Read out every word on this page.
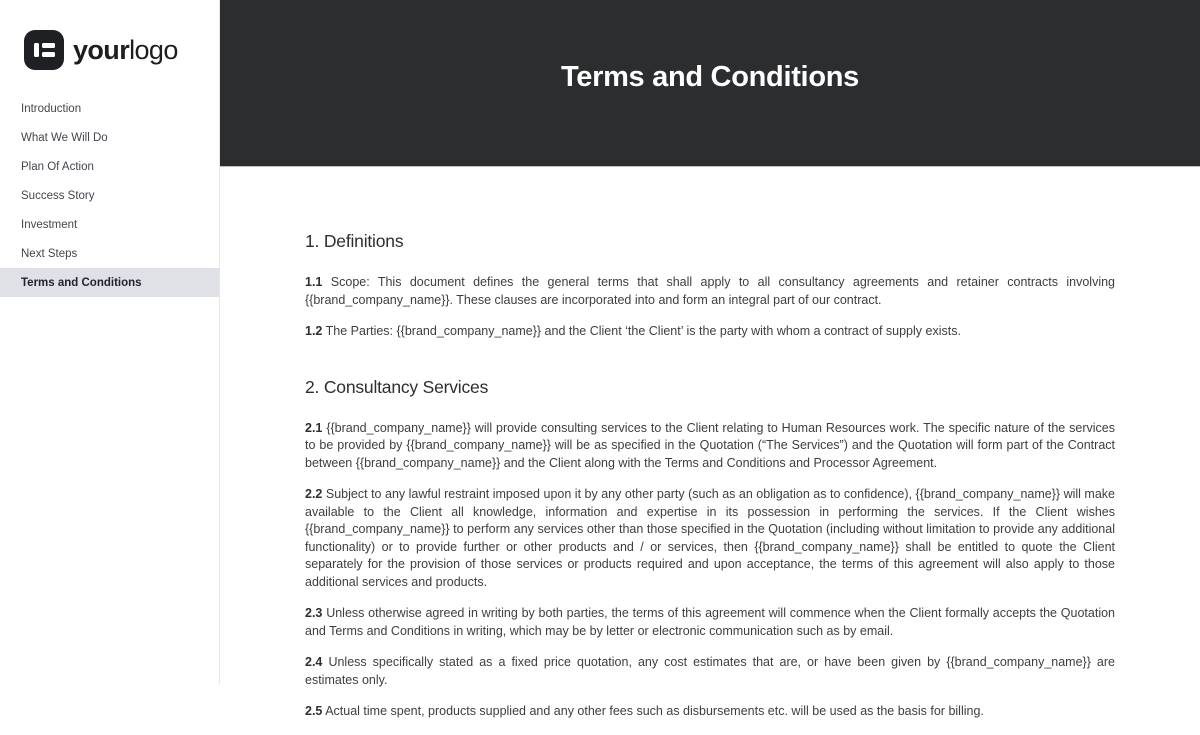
yourlogo
Introduction
What We Will Do
Plan Of Action
Success Story
Investment
Next Steps
Terms and Conditions
Terms and Conditions
1. Definitions

1.1 Scope: This document defines the general terms that shall apply to all consultancy agreements and retainer contracts involving {{brand_company_name}}. These clauses are incorporated into and form an integral part of our contract.

1.2 The Parties: {{brand_company_name}} and the Client ‘the Client’ is the party with whom a contract of supply exists.

2. Consultancy Services

2.1 {{brand_company_name}} will provide consulting services to the Client relating to Human Resources work. The specific nature of the services to be provided by {{brand_company_name}} will be as specified in the Quotation (“The Services”) and the Quotation will form part of the Contract between {{brand_company_name}} and the Client along with the Terms and Conditions and Processor Agreement.

2.2 Subject to any lawful restraint imposed upon it by any other party (such as an obligation as to confidence), {{brand_company_name}} will make available to the Client all knowledge, information and expertise in its possession in performing the services. If the Client wishes {{brand_company_name}} to perform any services other than those specified in the Quotation (including without limitation to provide any additional functionality) or to provide further or other products and / or services, then {{brand_company_name}} shall be entitled to quote the Client separately for the provision of those services or products required and upon acceptance, the terms of this agreement will also apply to those additional services and products.

2.3 Unless otherwise agreed in writing by both parties, the terms of this agreement will commence when the Client formally accepts the Quotation and Terms and Conditions in writing, which may be by letter or electronic communication such as by email.

2.4 Unless specifically stated as a fixed price quotation, any cost estimates that are, or have been given by {{brand_company_name}} are estimates only.

2.5 Actual time spent, products supplied and any other fees such as disbursements etc. will be used as the basis for billing.
